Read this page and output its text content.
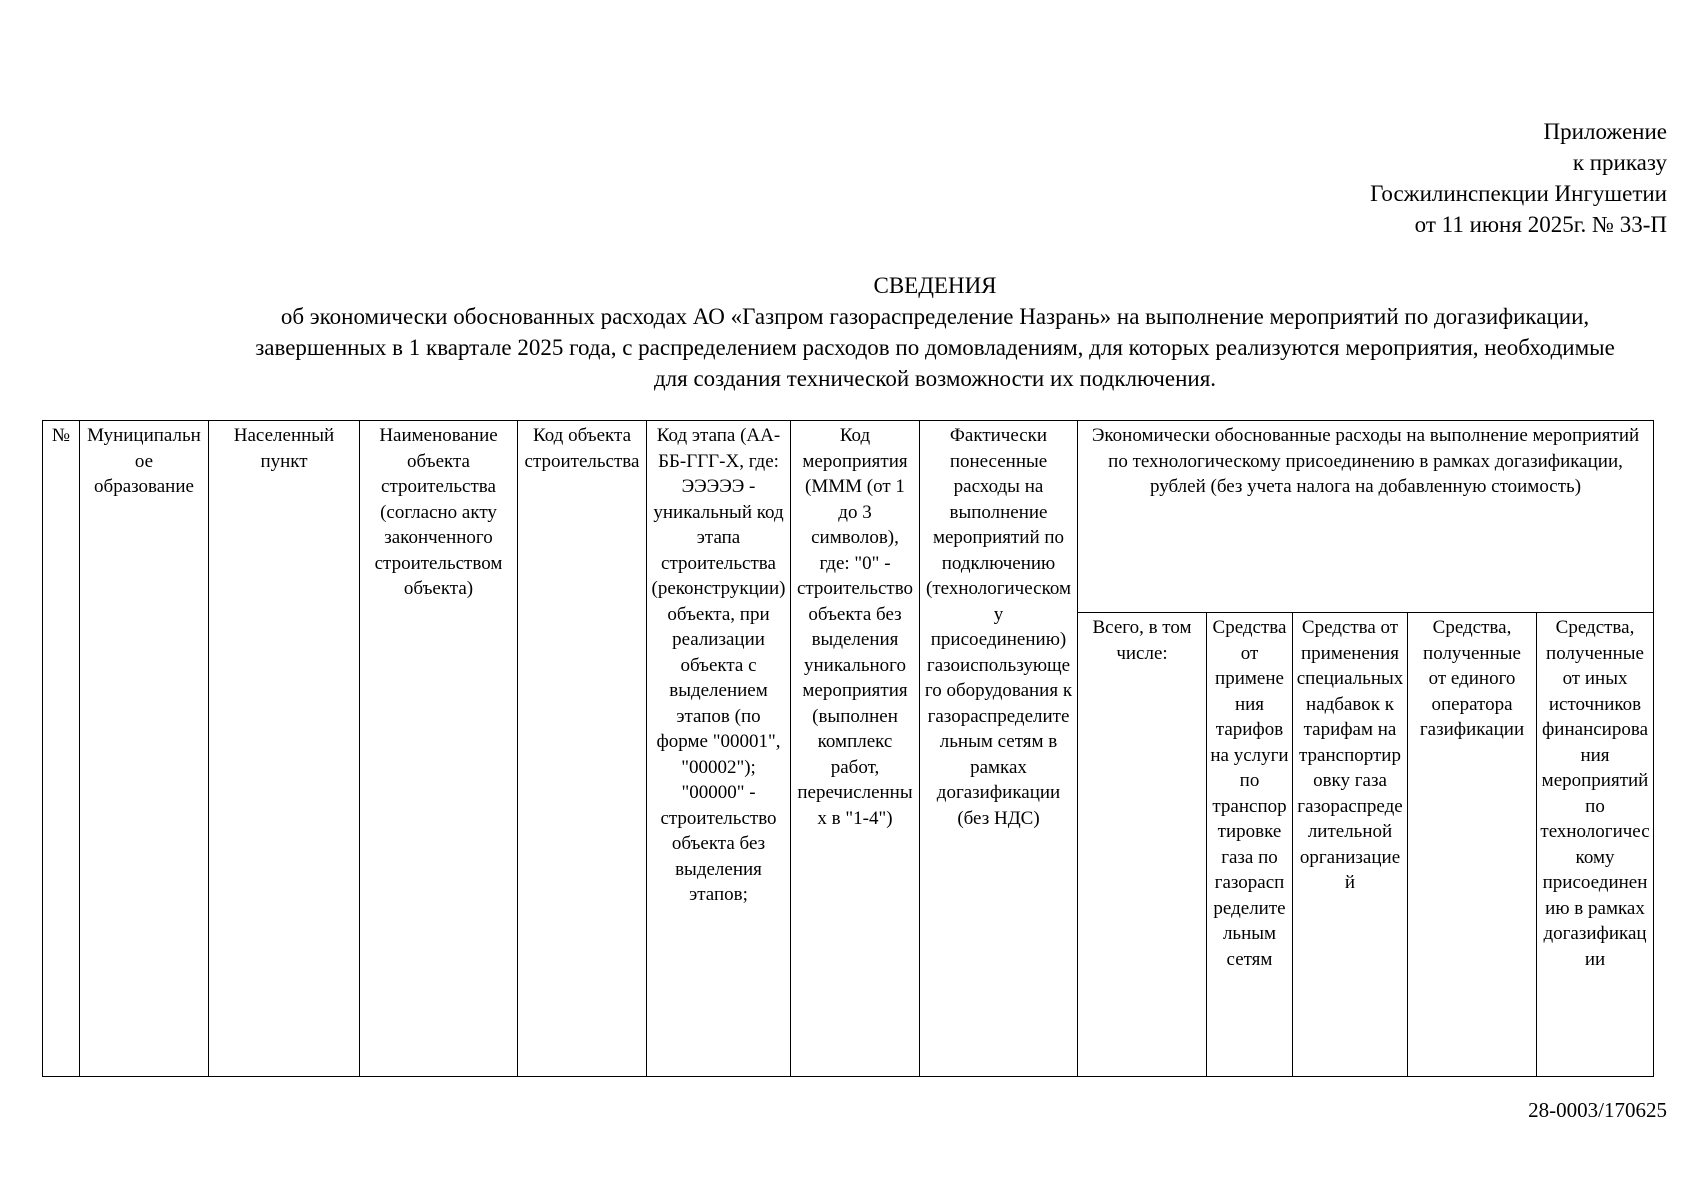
Приложение
к приказу
Госжилинспекции Ингушетии
от 11 июня 2025г. № 33-П
СВЕДЕНИЯ
об экономически обоснованных расходах АО «Газпром газораспределение Назрань» на выполнение мероприятий по догазификации,
завершенных в 1 квартале 2025 года, с распределением расходов по домовладениям, для которых реализуются мероприятия, необходимые
для создания технической возможности их подключения.
№	Муниципальное образование	Населенный пункт	Наименование объекта строительства (согласно акту законченного строительством объекта)	Код объекта строительства	Код этапа (АА-ББ-ГГГ-Х, где: ЭЭЭЭЭ - уникальный код этапа строительства (реконструкции) объекта, при реализации объекта с выделением этапов (по форме "00001", "00002"); "00000" - строительство объекта без выделения этапов;	Код мероприятия (МММ (от 1 до 3 символов), где: "0" - строительство объекта без выделения уникального мероприятия (выполнен комплекс работ, перечисленных в "1-4")	Фактически понесенные расходы на выполнение мероприятий по подключению (технологическому присоединению) газоиспользующего оборудования к газораспределительным сетям в рамках догазификации (без НДС)	Экономически обоснованные расходы на выполнение мероприятий по технологическому присоединению в рамках догазификации, рублей (без учета налога на добавленную стоимость)				
								Всего, в том числе:	Средства от применения тарифов на услуги по транспортировке газа по газораспределительным сетям	Средства от применения специальных надбавок к тарифам на транспортировку газа газораспределительной организацией	Средства, полученные от единого оператора газификации	Средства, полученные от иных источников финансирования мероприятий по технологическому присоединению в рамках догазификации
28-0003/170625
